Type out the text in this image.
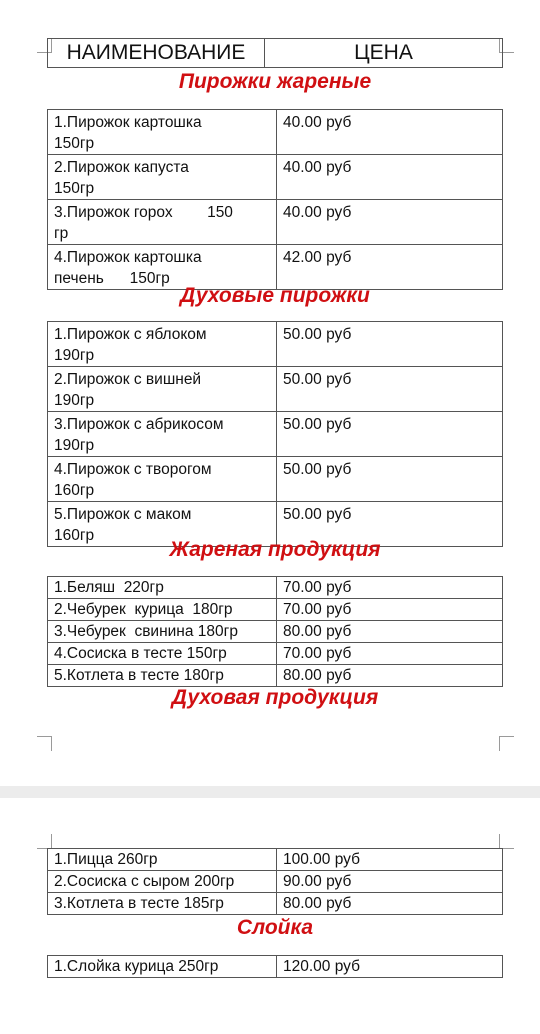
НАИМЕНОВАНИЕ	ЦЕНА
Пирожки жареные
1.Пирожок картошка
150гр	40.00 руб
2.Пирожок капуста
150гр	40.00 руб
3.Пирожок горох        150
гр	40.00 руб
4.Пирожок картошка
печень      150гр	42.00 руб
Духовые пирожки
1.Пирожок с яблоком
190гр	50.00 руб
2.Пирожок с вишней
190гр	50.00 руб
3.Пирожок с абрикосом
190гр	50.00 руб
4.Пирожок с творогом
160гр	50.00 руб
5.Пирожок с маком
160гр	50.00 руб
Жареная продукция
1.Беляш  220гр	70.00 руб
2.Чебурек  курица  180гр	70.00 руб
3.Чебурек  свинина 180гр	80.00 руб
4.Сосиска в тесте 150гр	70.00 руб
5.Котлета в тесте 180гр	80.00 руб
Духовая продукция
1.Пицца 260гр	100.00 руб
2.Сосиска с сыром 200гр	90.00 руб
3.Котлета в тесте 185гр	80.00 руб
Слойка
1.Слойка курица 250гр	120.00 руб
